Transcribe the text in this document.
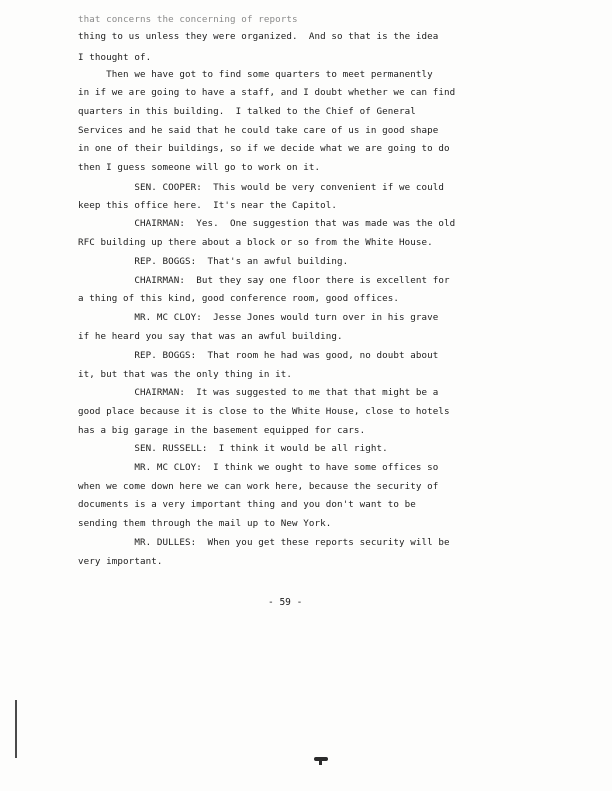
that concerns the concerning of reports
thing to us unless they were organized.  And so that is the idea
I thought of.
Then we have got to find some quarters to meet permanently
in if we are going to have a staff, and I doubt whether we can find
quarters in this building.  I talked to the Chief of General
Services and he said that he could take care of us in good shape
in one of their buildings, so if we decide what we are going to do
then I guess someone will go to work on it.
SEN. COOPER:  This would be very convenient if we could
keep this office here.  It's near the Capitol.
CHAIRMAN:  Yes.  One suggestion that was made was the old
RFC building up there about a block or so from the White House.
REP. BOGGS:  That's an awful building.
CHAIRMAN:  But they say one floor there is excellent for
a thing of this kind, good conference room, good offices.
MR. MC CLOY:  Jesse Jones would turn over in his grave
if he heard you say that was an awful building.
REP. BOGGS:  That room he had was good, no doubt about
it, but that was the only thing in it.
CHAIRMAN:  It was suggested to me that that might be a
good place because it is close to the White House, close to hotels
has a big garage in the basement equipped for cars.
SEN. RUSSELL:  I think it would be all right.
MR. MC CLOY:  I think we ought to have some offices so
when we come down here we can work here, because the security of
documents is a very important thing and you don't want to be
sending them through the mail up to New York.
MR. DULLES:  When you get these reports security will be
very important.
- 59 -
